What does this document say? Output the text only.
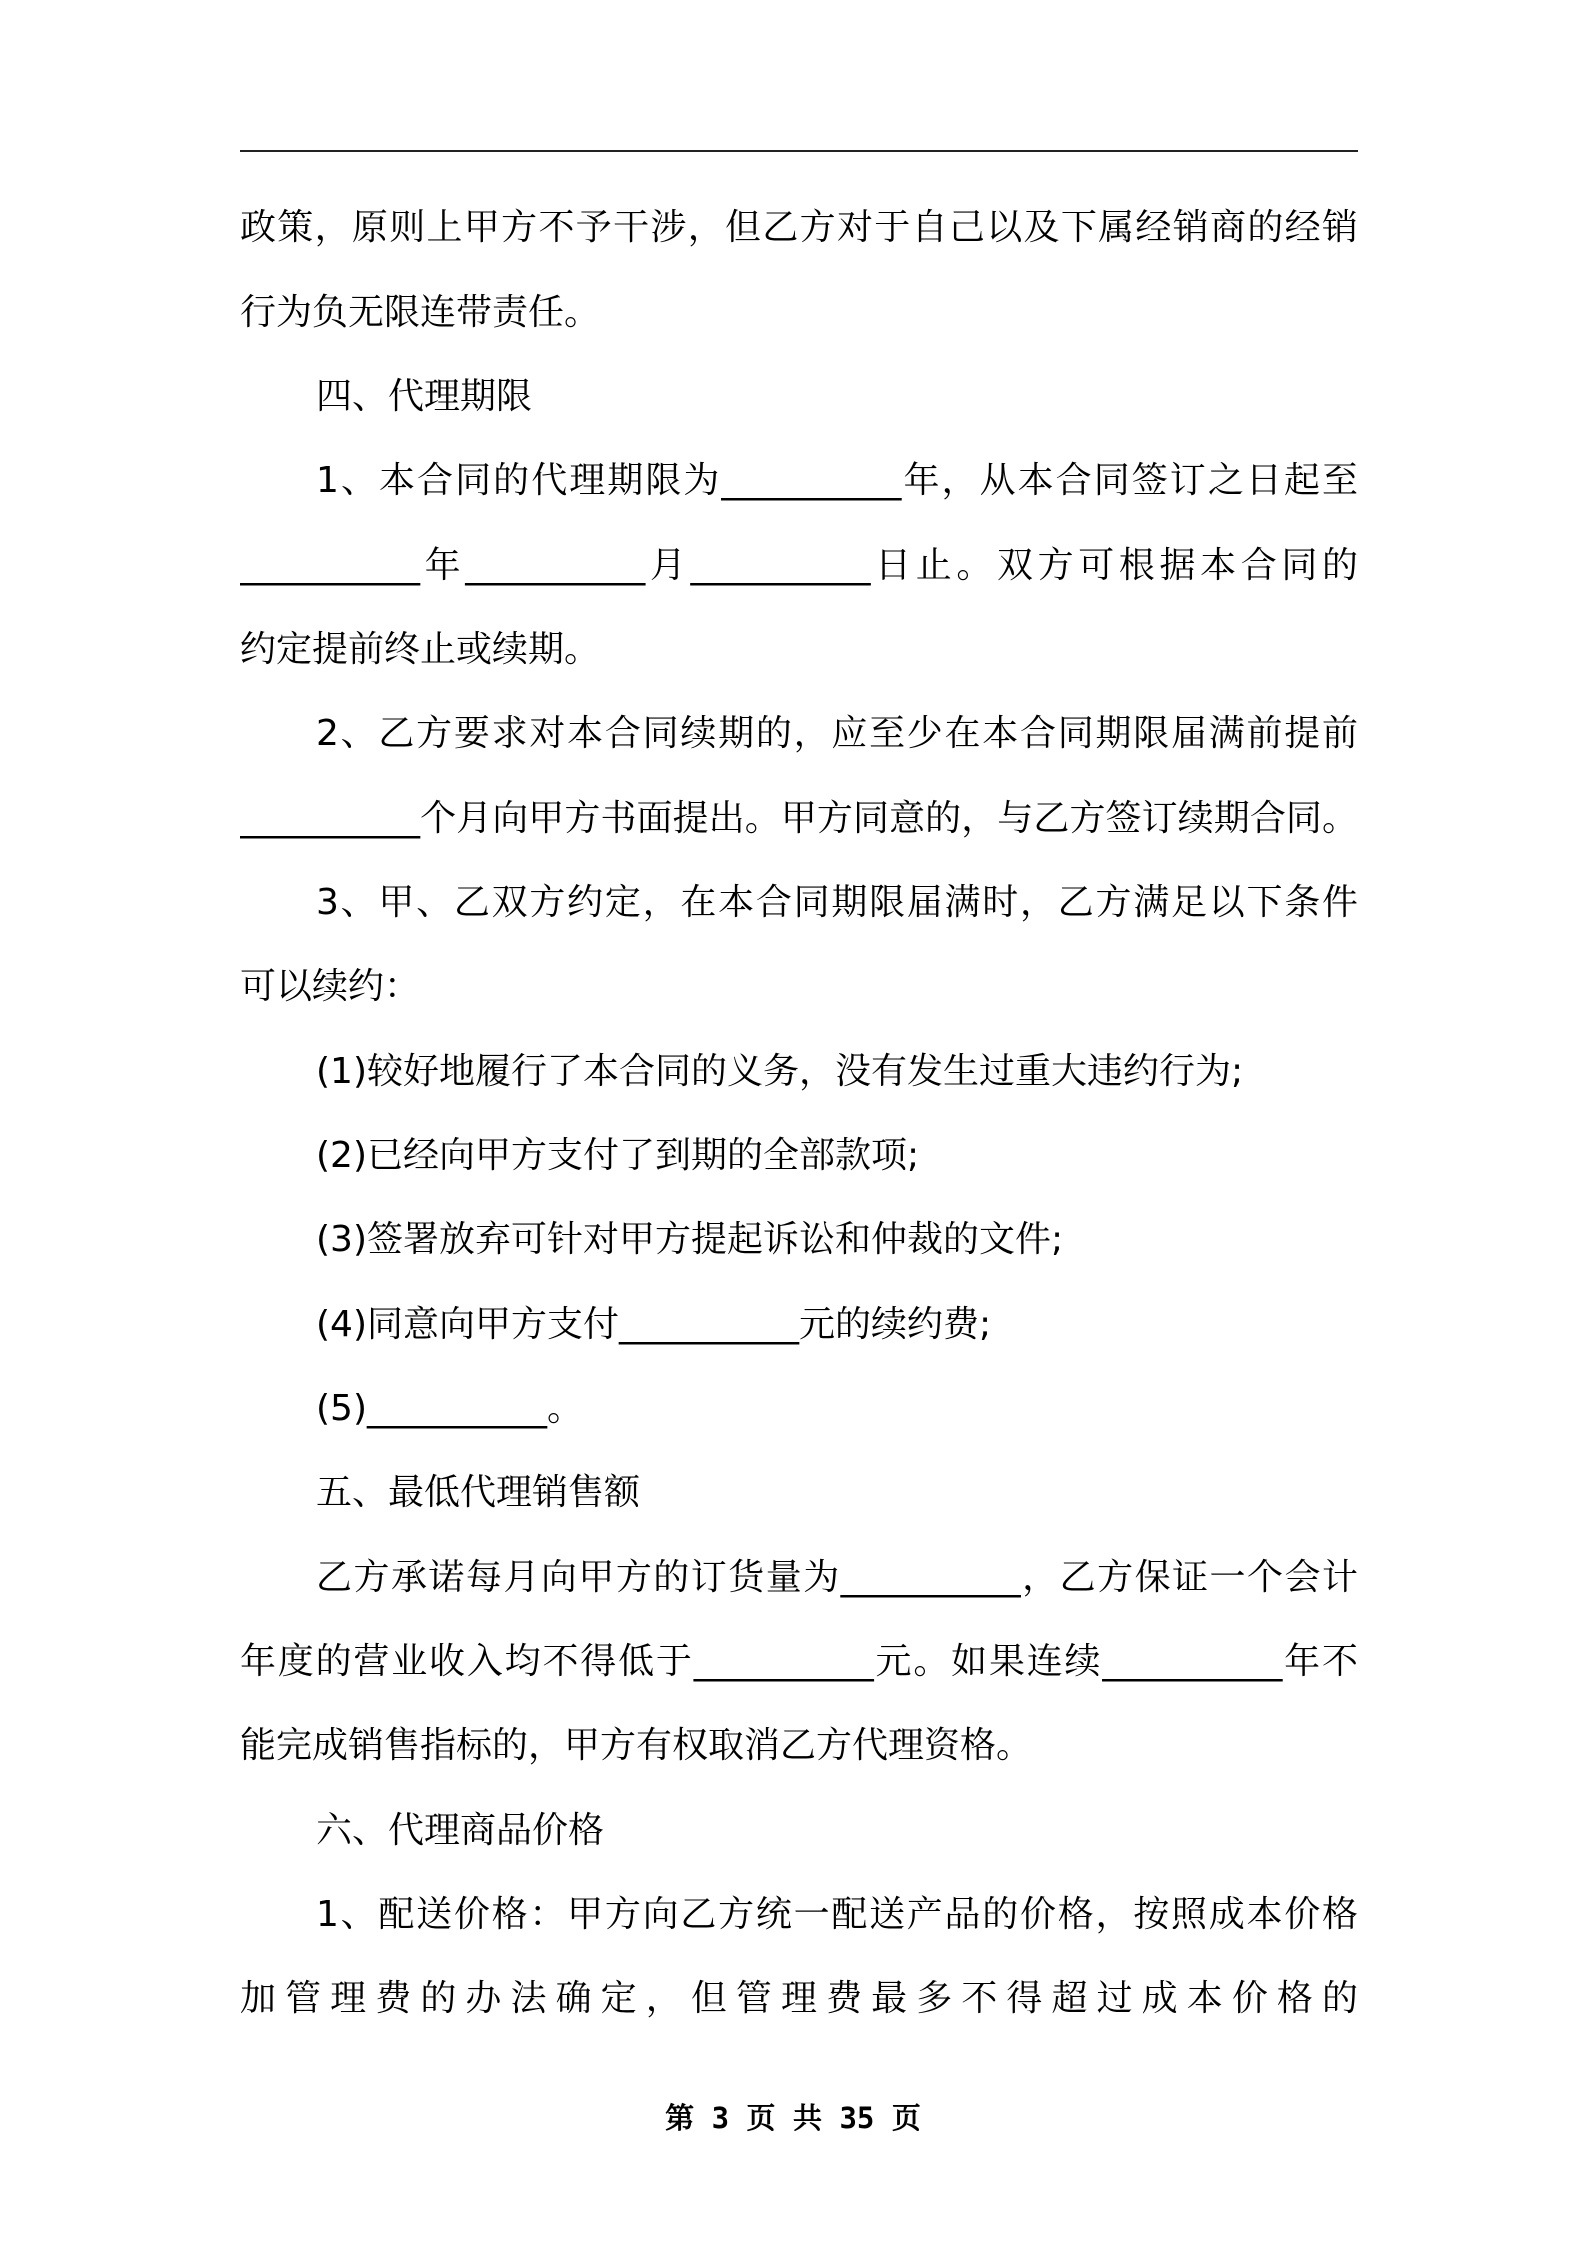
政策，原则上甲方不予干涉，但乙方对于自己以及下属经销商的经销
行为负无限连带责任。
四、代理期限
1、本合同的代理期限为__________年，从本合同签订之日起至
__________年__________月__________日止。双方可根据本合同的
约定提前终止或续期。
2、乙方要求对本合同续期的，应至少在本合同期限届满前提前
__________个月向甲方书面提出。甲方同意的，与乙方签订续期合同。
3、甲、乙双方约定，在本合同期限届满时，乙方满足以下条件
可以续约：
(1)较好地履行了本合同的义务，没有发生过重大违约行为;
(2)已经向甲方支付了到期的全部款项;
(3)签署放弃可针对甲方提起诉讼和仲裁的文件;
(4)同意向甲方支付__________元的续约费;
(5)__________。
五、最低代理销售额
乙方承诺每月向甲方的订货量为__________，乙方保证一个会计
年度的营业收入均不得低于__________元。如果连续__________年不
能完成销售指标的，甲方有权取消乙方代理资格。
六、代理商品价格
1、配送价格：甲方向乙方统一配送产品的价格，按照成本价格
加管理费的办法确定，但管理费最多不得超过成本价格的
第 3 页 共 35 页
